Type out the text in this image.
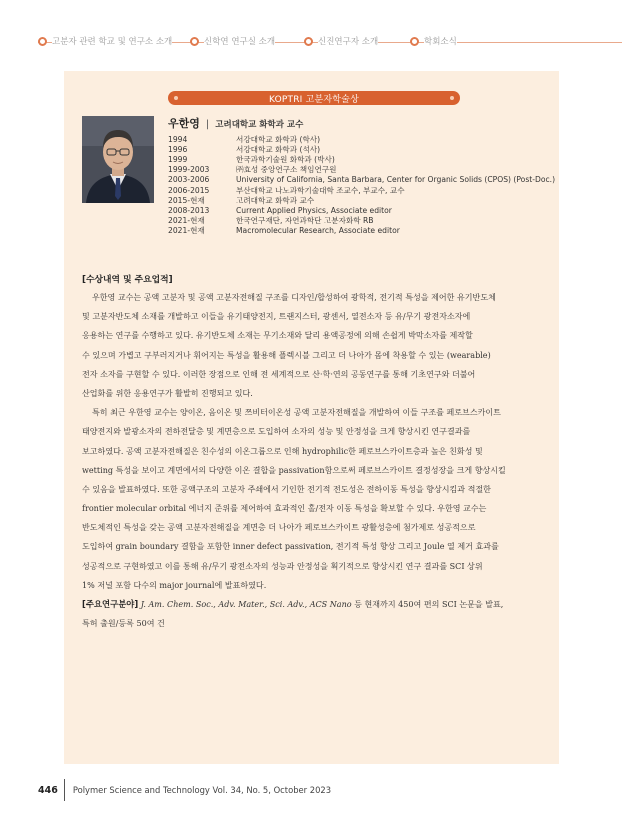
고분자 관련 학교 및 연구소 소개	신학연 연구실 소개	신진연구자 소개	학회소식
KOPTRI 고분자학술상
우한영 | 고려대학교 화학과 교수
1994	서강대학교 화학과 (학사)
1996	서강대학교 화학과 (석사)
1999	한국과학기술원 화학과 (박사)
1999-2003	㈜효성 중앙연구소 책임연구원
2003-2006	University of California, Santa Barbara, Center for Organic Solids (CPOS) (Post-Doc.)
2006-2015	부산대학교 나노과학기술대학 조교수, 부교수, 교수
2015-현재	고려대학교 화학과 교수
2008-2013	Current Applied Physics, Associate editor
2021-현재	한국연구재단, 자연과학단 고분자화학 RB
2021-현재	Macromolecular Research, Associate editor
[수상내역 및 주요업적]
우한영 교수는 공액 고분자 및 공액 고분자전해질 구조를 디자인/합성하여 광학적, 전기적 특성을 제어한 유기반도체
및 고분자반도체 소재를 개발하고 이들을 유기태양전지, 트랜지스터, 광센서, 열전소자 등 유/무기 광전자소자에
응용하는 연구를 수행하고 있다. 유기반도체 소재는 무기소재와 달리 용액공정에 의해 손쉽게 박막소자를 제작할
수 있으며 가볍고 구부러지거나 휘어지는 특성을 활용해 플렉시블 그리고 더 나아가 몸에 착용할 수 있는 (wearable)
전자 소자를 구현할 수 있다. 이러한 장점으로 인해 전 세계적으로 산·학·연의 공동연구를 통해 기초연구와 더불어
산업화를 위한 응용연구가 활발히 진행되고 있다.
특히 최근 우한영 교수는 양이온, 음이온 및 쯔비터이온성 공액 고분자전해질을 개발하여 이들 구조를 페로브스카이트
태양전지와 발광소자의 전하전달층 및 계면층으로 도입하여 소자의 성능 및 안정성을 크게 향상시킨 연구결과를
보고하였다. 공액 고분자전해질은 친수성의 이온그룹으로 인해 hydrophilic한 페로브스카이트층과 높은 친화성 및
wetting 특성을 보이고 계면에서의 다양한 이온 결합을 passivation함으로써 페로브스카이트 결정성장을 크게 향상시킬
수 있음을 발표하였다. 또한 공액구조의 고분자 주쇄에서 기인한 전기적 전도성은 전하이동 특성을 향상시킴과 적절한
frontier molecular orbital 에너지 준위를 제어하여 효과적인 홀/전자 이동 특성을 확보할 수 있다. 우한영 교수는
반도체적인 특성을 갖는 공액 고분자전해질을 계면층 더 나아가 페로브스카이트 광활성층에 첨가제로 성공적으로
도입하여 grain boundary 결함을 포함한 inner defect passivation, 전기적 특성 향상 그리고 Joule 열 제거 효과를
성공적으로 구현하였고 이를 통해 유/무기 광전소자의 성능과 안정성을 획기적으로 향상시킨 연구 결과를 SCI 상위
1% 저널 포함 다수의 major journal에 발표하였다.
[주요연구분야] J. Am. Chem. Soc., Adv. Mater., Sci. Adv., ACS Nano 등 현재까지 450여 편의 SCI 논문을 발표,
특허 출원/등록 50여 건
446 Polymer Science and Technology Vol. 34, No. 5, October 2023
